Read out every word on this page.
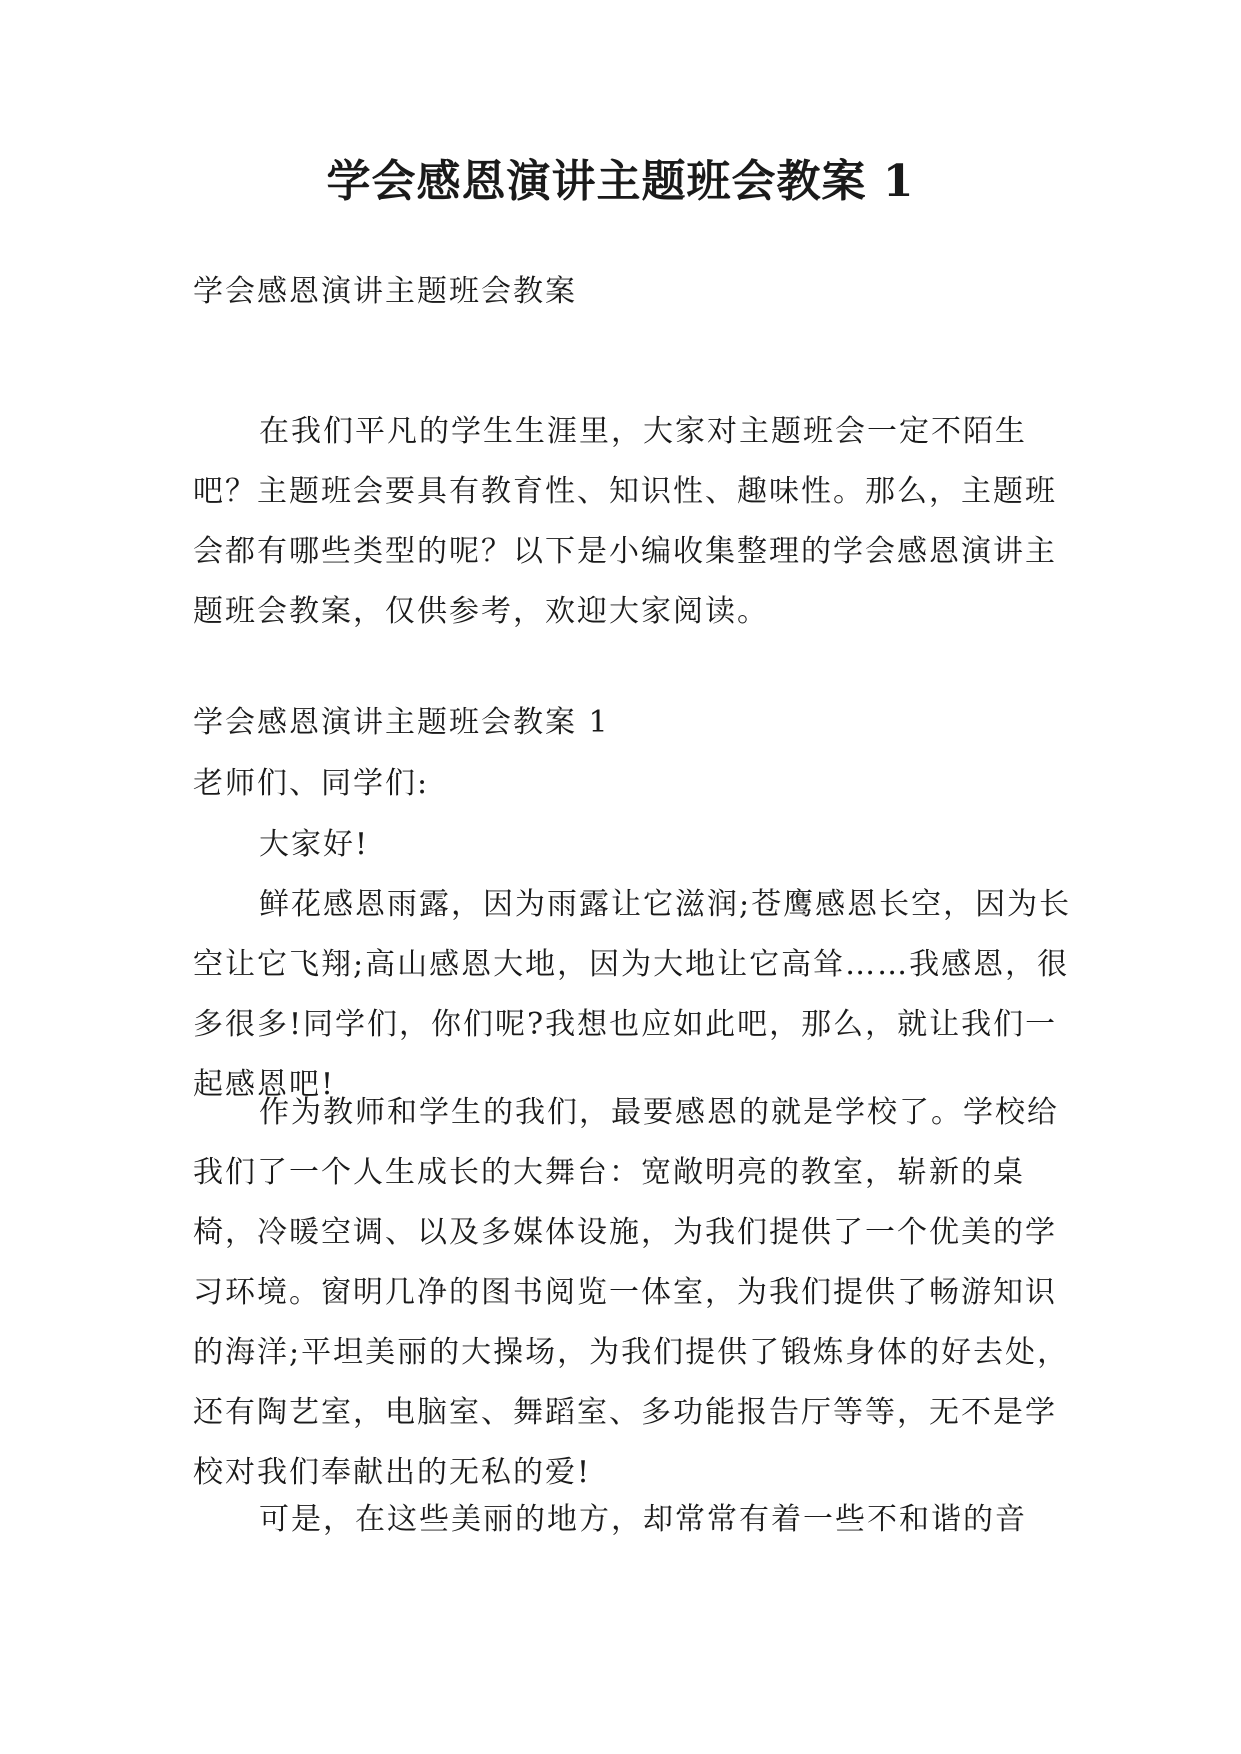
学会感恩演讲主题班会教案 1

学会感恩演讲主题班会教案

在我们平凡的学生生涯里，大家对主题班会一定不陌生吧？主题班会要具有教育性、知识性、趣味性。那么，主题班会都有哪些类型的呢？以下是小编收集整理的学会感恩演讲主题班会教案，仅供参考，欢迎大家阅读。

学会感恩演讲主题班会教案 1

老师们、同学们:

大家好!

鲜花感恩雨露，因为雨露让它滋润;苍鹰感恩长空，因为长空让它飞翔;高山感恩大地，因为大地让它高耸……我感恩，很多很多!同学们，你们呢?我想也应如此吧，那么，就让我们一起感恩吧!

作为教师和学生的我们，最要感恩的就是学校了。学校给我们了一个人生成长的大舞台：宽敞明亮的教室，崭新的桌椅，冷暖空调、以及多媒体设施，为我们提供了一个优美的学习环境。窗明几净的图书阅览一体室，为我们提供了畅游知识的海洋;平坦美丽的大操场，为我们提供了锻炼身体的好去处，还有陶艺室，电脑室、舞蹈室、多功能报告厅等等，无不是学校对我们奉献出的无私的爱!

可是，在这些美丽的地方，却常常有着一些不和谐的音
